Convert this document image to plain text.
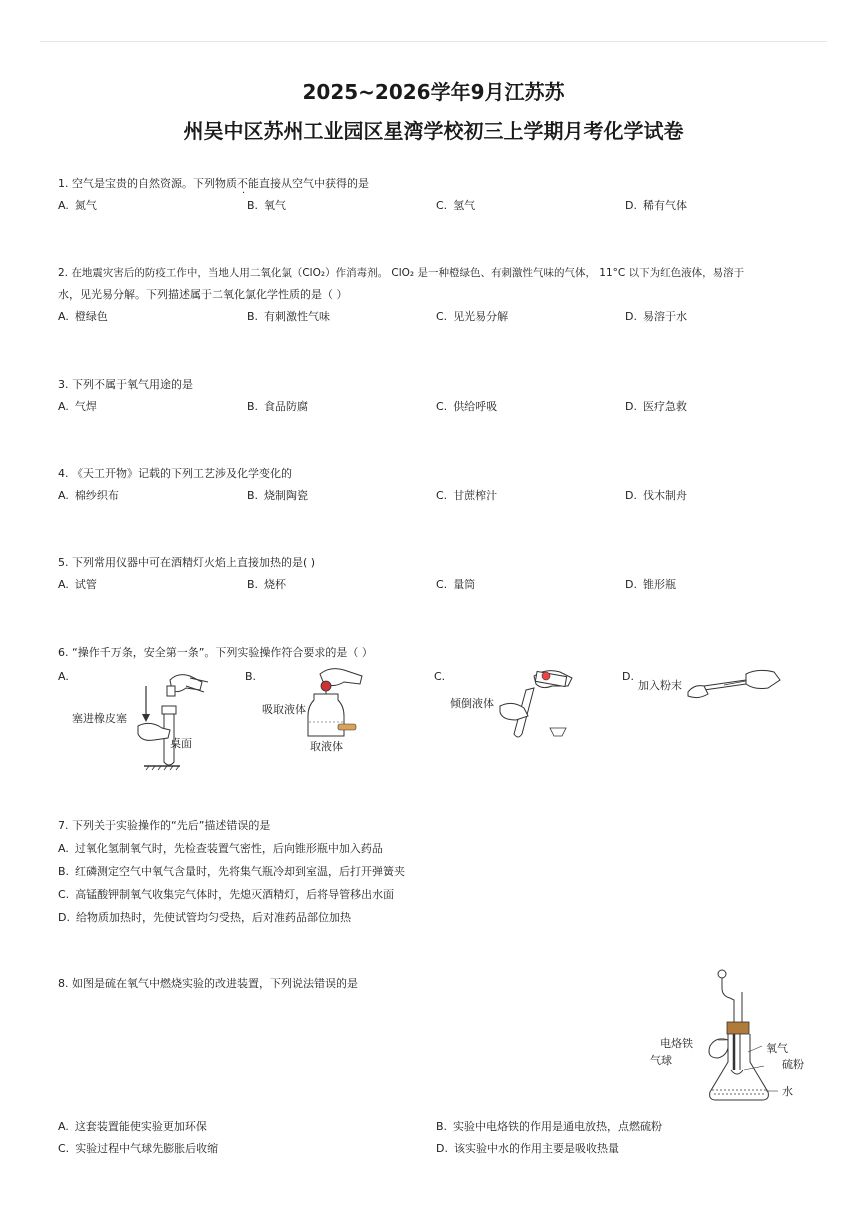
2025~2026学年9月江苏苏
州吴中区苏州工业园区星湾学校初三上学期月考化学试卷
1. 空气是宝贵的自然资源。下列物质不能直接从空气中获得的是
A. 氮气	B. 氧气	C. 氢气	D. 稀有气体
2. 在地震灾害后的防疫工作中，当地人用二氧化氯（ClO₂）作消毒剂。 ClO₂ 是一种橙绿色、有刺激性气味的气体， 11°C 以下为红色液体，易溶于
水，见光易分解。下列描述属于二氧化氯化学性质的是（ ）
A. 橙绿色	B. 有刺激性气味	C. 见光易分解	D. 易溶于水
3. 下列不属于氧气用途的是
A. 气焊	B. 食品防腐	C. 供给呼吸	D. 医疗急救
4. 《天工开物》记载的下列工艺涉及化学变化的
A. 棉纱织布	B. 烧制陶瓷	C. 甘蔗榨汁	D. 伐木制舟
5. 下列常用仪器中可在酒精灯火焰上直接加热的是( )
A. 试管	B. 烧杯	C. 量筒	D. 锥形瓶
6. “操作千万条，安全第一条”。下列实验操作符合要求的是（ ）
A.	B.	C.	D.
塞进橡皮塞
桌面
吸取液体
取液体
倾倒液体
加入粉末
7. 下列关于实验操作的“先后”描述错误的是
A. 过氧化氢制氧气时，先检查装置气密性，后向锥形瓶中加入药品
B. 红磷测定空气中氧气含量时，先将集气瓶冷却到室温，后打开弹簧夹
C. 高锰酸钾制氧气收集完气体时，先熄灭酒精灯，后将导管移出水面
D. 给物质加热时，先使试管均匀受热，后对准药品部位加热
8. 如图是硫在氧气中燃烧实验的改进装置，下列说法错误的是
电烙铁
气球
氧气
硫粉
水
A. 这套装置能使实验更加环保	B. 实验中电烙铁的作用是通电放热，点燃硫粉
C. 实验过程中气球先膨胀后收缩	D. 该实验中水的作用主要是吸收热量
